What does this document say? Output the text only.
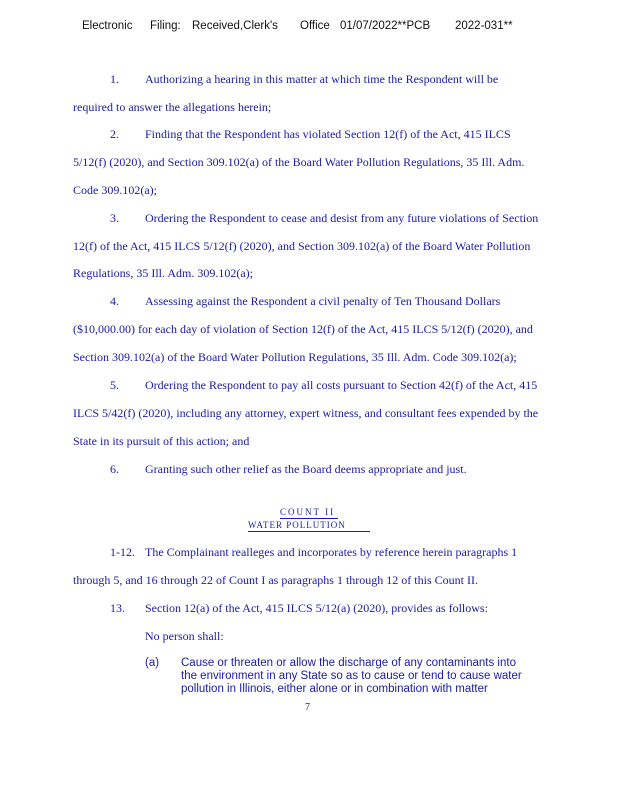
Electronic Filing: Received,Clerk's Office 01/07/2022**PCB 2022-031**
1. Authorizing a hearing in this matter at which time the Respondent will be
required to answer the allegations herein;
2. Finding that the Respondent has violated Section 12(f) of the Act, 415 ILCS
5/12(f) (2020), and Section 309.102(a) of the Board Water Pollution Regulations, 35 Ill. Adm.
Code 309.102(a);
3. Ordering the Respondent to cease and desist from any future violations of Section
12(f) of the Act, 415 ILCS 5/12(f) (2020), and Section 309.102(a) of the Board Water Pollution
Regulations, 35 Ill. Adm. 309.102(a);
4. Assessing against the Respondent a civil penalty of Ten Thousand Dollars
($10,000.00) for each day of violation of Section 12(f) of the Act, 415 ILCS 5/12(f) (2020), and
Section 309.102(a) of the Board Water Pollution Regulations, 35 Ill. Adm. Code 309.102(a);
5. Ordering the Respondent to pay all costs pursuant to Section 42(f) of the Act, 415
ILCS 5/42(f) (2020), including any attorney, expert witness, and consultant fees expended by the
State in its pursuit of this action; and
6. Granting such other relief as the Board deems appropriate and just.
COUNT II
WATER POLLUTION
1-12. The Complainant realleges and incorporates by reference herein paragraphs 1
through 5, and 16 through 22 of Count I as paragraphs 1 through 12 of this Count II.
13. Section 12(a) of the Act, 415 ILCS 5/12(a) (2020), provides as follows:
No person shall:
(a) Cause or threaten or allow the discharge of any contaminants into
the environment in any State so as to cause or tend to cause water
pollution in Illinois, either alone or in combination with matter
7
